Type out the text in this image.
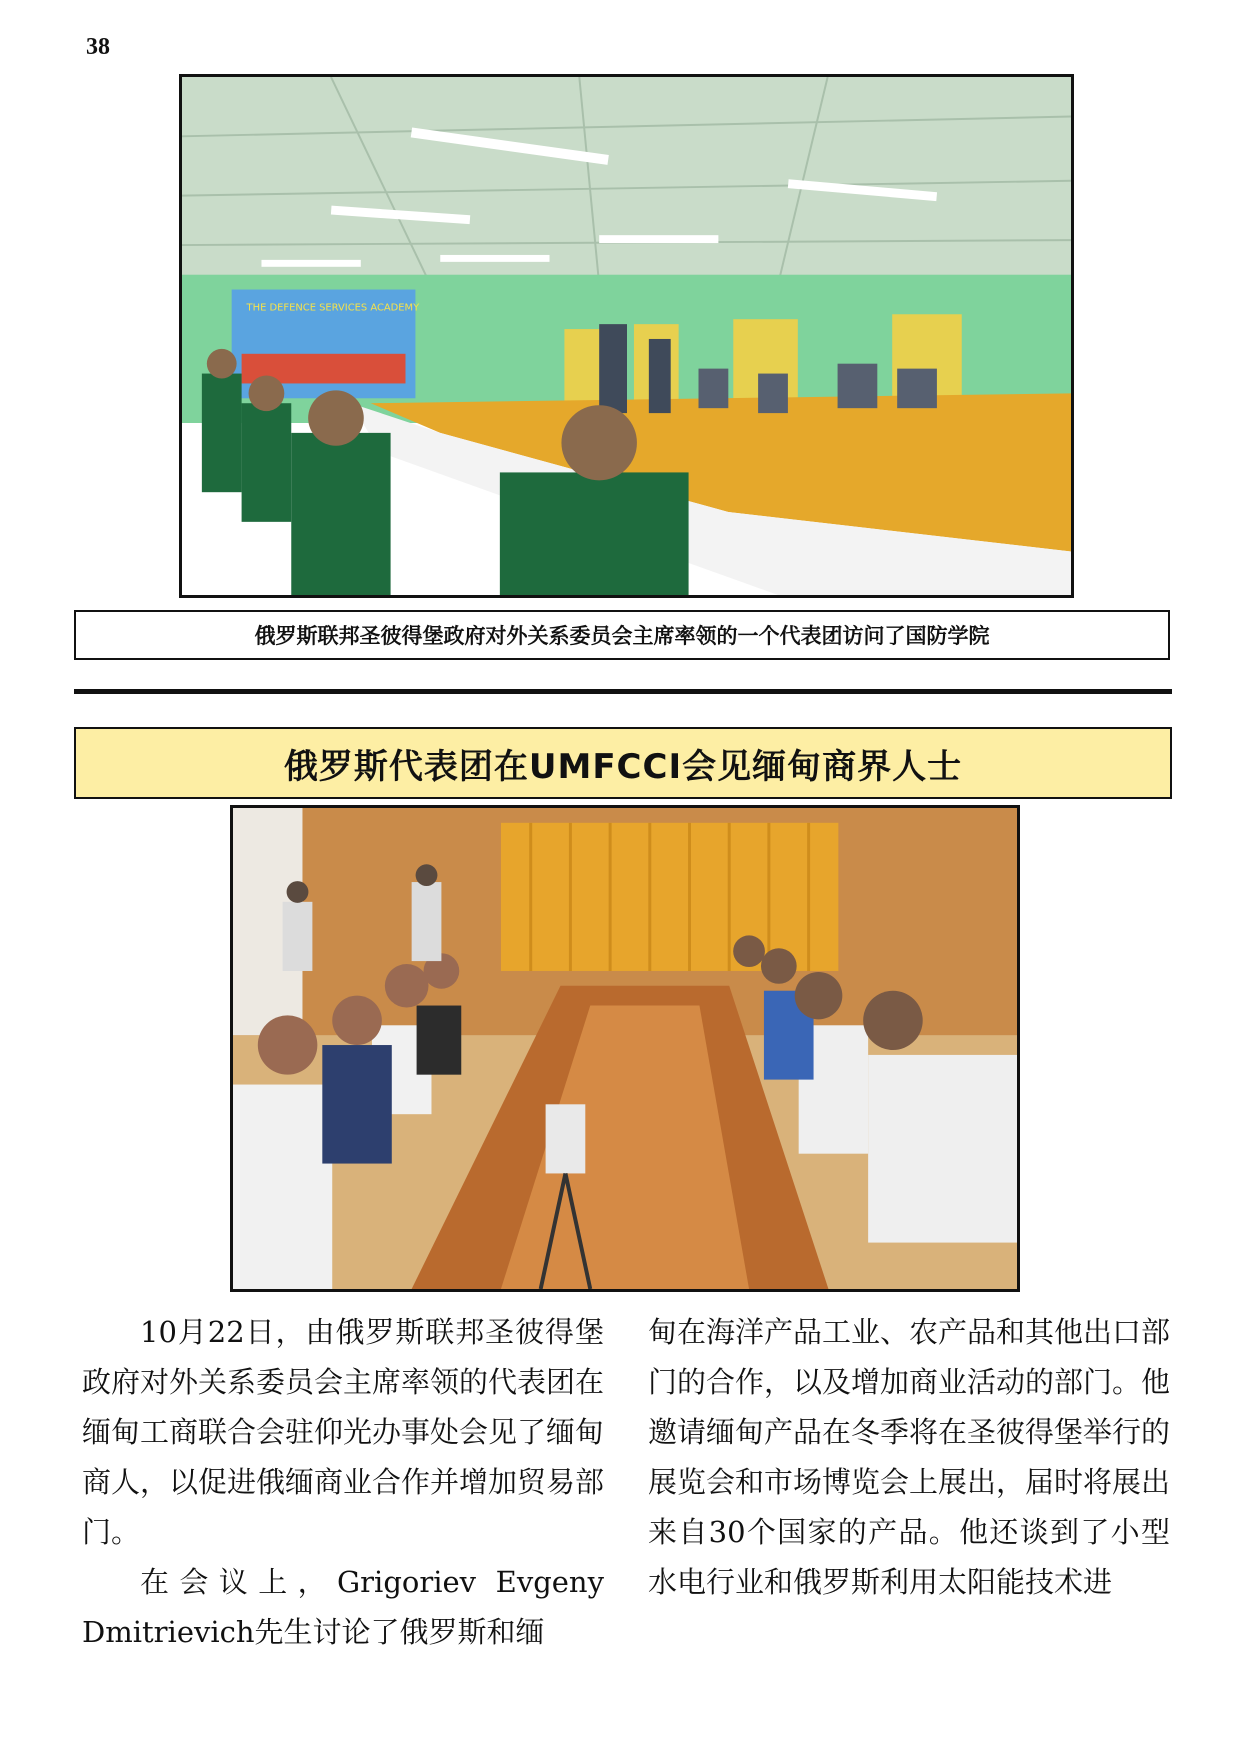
38
THE DEFENCE SERVICES ACADEMY
俄罗斯联邦圣彼得堡政府对外关系委员会主席率领的一个代表团访问了国防学院
俄罗斯代表团在UMFCCI会见缅甸商界人士

10月22日，由俄罗斯联邦圣彼得堡政府对外关系委员会主席率领的代表团在缅甸工商联合会驻仰光办事处会见了缅甸商人，以促进俄缅商业合作并增加贸易部门。

在会议上，Grigoriev Evgeny Dmitrievich先生讨论了俄罗斯和缅

甸在海洋产品工业、农产品和其他出口部门的合作，以及增加商业活动的部门。他邀请缅甸产品在冬季将在圣彼得堡举行的展览会和市场博览会上展出，届时将展出来自30个国家的产品。他还谈到了小型水电行业和俄罗斯利用太阳能技术进
